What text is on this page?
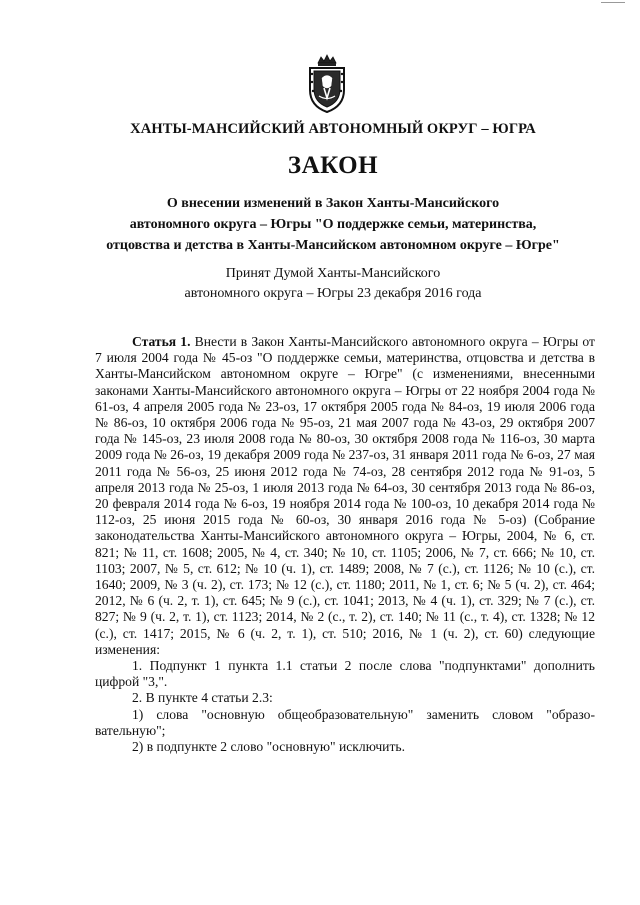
ХАНТЫ-МАНСИЙСКИЙ АВТОНОМНЫЙ ОКРУГ – ЮГРА
ЗАКОН
О внесении изменений в Закон Ханты-Мансийского
автономного округа – Югры "О поддержке семьи, материнства,
отцовства и детства в Ханты-Мансийском автономном округе – Югре"
Принят Думой Ханты-Мансийского
автономного округа – Югры 23 декабря 2016 года

Статья 1. Внести в Закон Ханты-Мансийского автономного округа – Югры от 7 июля 2004 года № 45-оз "О поддержке семьи, материнства, отцовства и детства в Ханты-Мансийском автономном округе – Югре" (с изменениями, внесенными законами Ханты-Мансийского автономного округа – Югры от 22 ноября 2004 года № 61-оз, 4 апреля 2005 года № 23-оз, 17 октября 2005 года № 84-оз, 19 июля 2006 года № 86-оз, 10 октября 2006 года № 95-оз, 21 мая 2007 года № 43-оз, 29 октября 2007 года № 145-оз, 23 июля 2008 года № 80-оз, 30 октября 2008 года № 116-оз, 30 марта 2009 года № 26-оз, 19 декабря 2009 года № 237-оз, 31 января 2011 года № 6-оз, 27 мая 2011 года № 56-оз, 25 июня 2012 года № 74-оз, 28 сентября 2012 года № 91-оз, 5 апреля 2013 года № 25-оз, 1 июля 2013 года № 64-оз, 30 сентября 2013 года № 86-оз, 20 февраля 2014 года № 6-оз, 19 ноября 2014 года № 100-оз, 10 декабря 2014 года № 112-оз, 25 июня 2015 года № 60-оз, 30 января 2016 года № 5-оз) (Собрание законодательства Ханты-Мансийского автономного округа – Югры, 2004, № 6, ст. 821; № 11, ст. 1608; 2005, № 4, ст. 340; № 10, ст. 1105; 2006, № 7, ст. 666; № 10, ст. 1103; 2007, № 5, ст. 612; № 10 (ч. 1), ст. 1489; 2008, № 7 (с.), ст. 1126; № 10 (с.), ст. 1640; 2009, № 3 (ч. 2), ст. 173; № 12 (с.), ст. 1180; 2011, № 1, ст. 6; № 5 (ч. 2), ст. 464; 2012, № 6 (ч. 2, т. 1), ст. 645; № 9 (с.), ст. 1041; 2013, № 4 (ч. 1), ст. 329; № 7 (с.), ст. 827; № 9 (ч. 2, т. 1), ст. 1123; 2014, № 2 (с., т. 2), ст. 140; № 11 (с., т. 4), ст. 1328; № 12 (с.), ст. 1417; 2015, № 6 (ч. 2, т. 1), ст. 510; 2016, № 1 (ч. 2), ст. 60) следующие изменения:

1. Подпункт 1 пункта 1.1 статьи 2 после слова "подпунктами" дополнить цифрой "3,".

2. В пункте 4 статьи 2.3:

1) слова "основную общеобразовательную" заменить словом "образовательную";

2) в подпункте 2 слово "основную" исключить.
